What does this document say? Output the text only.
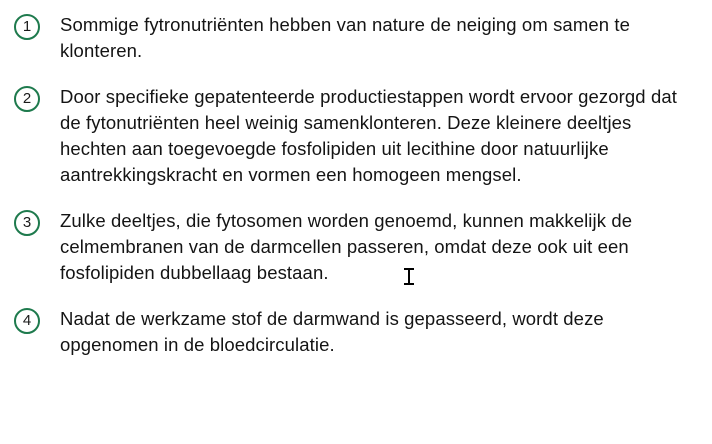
1	Sommige fytronutriënten hebben van nature de neiging om samen te klonteren.
2	Door specifieke gepatenteerde productiestappen wordt ervoor gezorgd dat de fytonutriënten heel weinig samenklonteren. Deze kleinere deeltjes hechten aan toegevoegde fosfolipiden uit lecithine door natuurlijke aantrekkingskracht en vormen een homogeen mengsel.
3	Zulke deeltjes, die fytosomen worden genoemd, kunnen makkelijk de celmembranen van de darmcellen passeren, omdat deze ook uit een fosfolipiden dubbellaag bestaan.
4	Nadat de werkzame stof de darmwand is gepasseerd, wordt deze opgenomen in de bloedcirculatie.
